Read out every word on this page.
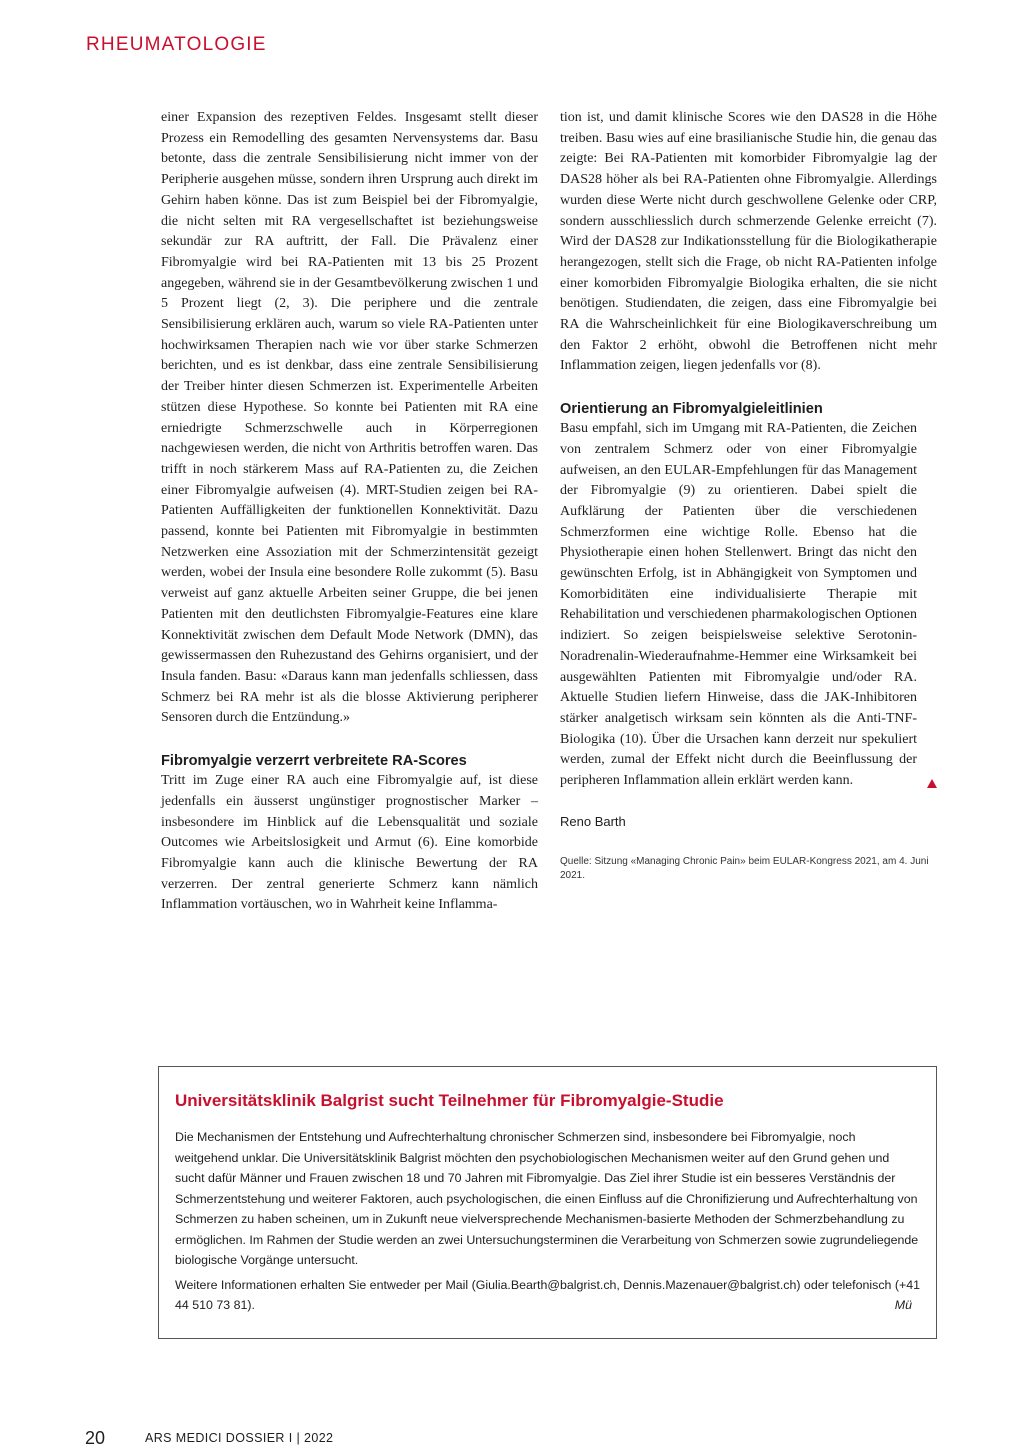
RHEUMATOLOGIE

einer Expansion des rezeptiven Feldes. Insgesamt stellt dieser Prozess ein Remodelling des gesamten Nervensystems dar. Basu betonte, dass die zentrale Sensibilisierung nicht immer von der Peripherie ausgehen müsse, sondern ihren Ursprung auch direkt im Gehirn haben könne. Das ist zum Beispiel bei der Fibromyalgie, die nicht selten mit RA vergesellschaftet ist beziehungsweise sekundär zur RA auftritt, der Fall. Die Prävalenz einer Fibromyalgie wird bei RA-Patienten mit 13 bis 25 Prozent angegeben, während sie in der Gesamtbevölkerung zwischen 1 und 5 Prozent liegt (2, 3). Die periphere und die zentrale Sensibilisierung erklären auch, warum so viele RA-Patienten unter hochwirksamen Therapien nach wie vor über starke Schmerzen berichten, und es ist denkbar, dass eine zentrale Sensibilisierung der Treiber hinter diesen Schmerzen ist. Experimentelle Arbeiten stützen diese Hypothese. So konnte bei Patienten mit RA eine erniedrigte Schmerzschwelle auch in Körperregionen nachgewiesen werden, die nicht von Arthritis betroffen waren. Das trifft in noch stärkerem Mass auf RA-Patienten zu, die Zeichen einer Fibromyalgie aufweisen (4). MRT-Studien zeigen bei RA-Patienten Auffälligkeiten der funktionellen Konnektivität. Dazu passend, konnte bei Patienten mit Fibromyalgie in bestimmten Netzwerken eine Assoziation mit der Schmerzintensität gezeigt werden, wobei der Insula eine besondere Rolle zukommt (5). Basu verweist auf ganz aktuelle Arbeiten seiner Gruppe, die bei jenen Patienten mit den deutlichsten Fibromyalgie-Features eine klare Konnektivität zwischen dem Default Mode Network (DMN), das gewissermassen den Ruhezustand des Gehirns organisiert, und der Insula fanden. Basu: «Daraus kann man jedenfalls schliessen, dass Schmerz bei RA mehr ist als die blosse Aktivierung peripherer Sensoren durch die Entzündung.»

Fibromyalgie verzerrt verbreitete RA-Scores

Tritt im Zuge einer RA auch eine Fibromyalgie auf, ist diese jedenfalls ein äusserst ungünstiger prognostischer Marker – insbesondere im Hinblick auf die Lebensqualität und soziale Outcomes wie Arbeitslosigkeit und Armut (6). Eine komorbide Fibromyalgie kann auch die klinische Bewertung der RA verzerren. Der zentral generierte Schmerz kann nämlich Inflammation vortäuschen, wo in Wahrheit keine Inflamma-

tion ist, und damit klinische Scores wie den DAS28 in die Höhe treiben. Basu wies auf eine brasilianische Studie hin, die genau das zeigte: Bei RA-Patienten mit komorbider Fibromyalgie lag der DAS28 höher als bei RA-Patienten ohne Fibromyalgie. Allerdings wurden diese Werte nicht durch geschwollene Gelenke oder CRP, sondern ausschliesslich durch schmerzende Gelenke erreicht (7). Wird der DAS28 zur Indikationsstellung für die Biologikatherapie herangezogen, stellt sich die Frage, ob nicht RA-Patienten infolge einer komorbiden Fibromyalgie Biologika erhalten, die sie nicht benötigen. Studiendaten, die zeigen, dass eine Fibromyalgie bei RA die Wahrscheinlichkeit für eine Biologikaverschreibung um den Faktor 2 erhöht, obwohl die Betroffenen nicht mehr Inflammation zeigen, liegen jedenfalls vor (8).

Orientierung an Fibromyalgieleitlinien

Basu empfahl, sich im Umgang mit RA-Patienten, die Zeichen von zentralem Schmerz oder von einer Fibromyalgie aufweisen, an den EULAR-Empfehlungen für das Management der Fibromyalgie (9) zu orientieren. Dabei spielt die Aufklärung der Patienten über die verschiedenen Schmerzformen eine wichtige Rolle. Ebenso hat die Physiotherapie einen hohen Stellenwert. Bringt das nicht den gewünschten Erfolg, ist in Abhängigkeit von Symptomen und Komorbiditäten eine individualisierte Therapie mit Rehabilitation und verschiedenen pharmakologischen Optionen indiziert. So zeigen beispielsweise selektive Serotonin-Noradrenalin-Wiederaufnahme-Hemmer eine Wirksamkeit bei ausgewählten Patienten mit Fibromyalgie und/oder RA. Aktuelle Studien liefern Hinweise, dass die JAK-Inhibitoren stärker analgetisch wirksam sein könnten als die Anti-TNF-Biologika (10). Über die Ursachen kann derzeit nur spekuliert werden, zumal der Effekt nicht durch die Beeinflussung der peripheren Inflammation allein erklärt werden kann.

Reno Barth

Quelle: Sitzung «Managing Chronic Pain» beim EULAR-Kongress 2021, am 4. Juni 2021.

Universitätsklinik Balgrist sucht Teilnehmer für Fibromyalgie-Studie

Die Mechanismen der Entstehung und Aufrechterhaltung chronischer Schmerzen sind, insbesondere bei Fibromyalgie, noch weitgehend unklar. Die Universitätsklinik Balgrist möchten den psychobiologischen Mechanismen weiter auf den Grund gehen und sucht dafür Männer und Frauen zwischen 18 und 70 Jahren mit Fibromyalgie. Das Ziel ihrer Studie ist ein besseres Verständnis der Schmerzentstehung und weiterer Faktoren, auch psychologischen, die einen Einfluss auf die Chronifizierung und Aufrechterhaltung von Schmerzen zu haben scheinen, um in Zukunft neue vielversprechende Mechanismen-basierte Methoden der Schmerzbehandlung zu ermöglichen. Im Rahmen der Studie werden an zwei Untersuchungsterminen die Verarbeitung von Schmerzen sowie zugrundeliegende biologische Vorgänge untersucht.

Weitere Informationen erhalten Sie entweder per Mail (Giulia.Bearth@balgrist.ch, Dennis.Mazenauer@balgrist.ch) oder telefonisch (+41 44 510 73 81).	Mü

20	ARS MEDICI DOSSIER I | 2022
